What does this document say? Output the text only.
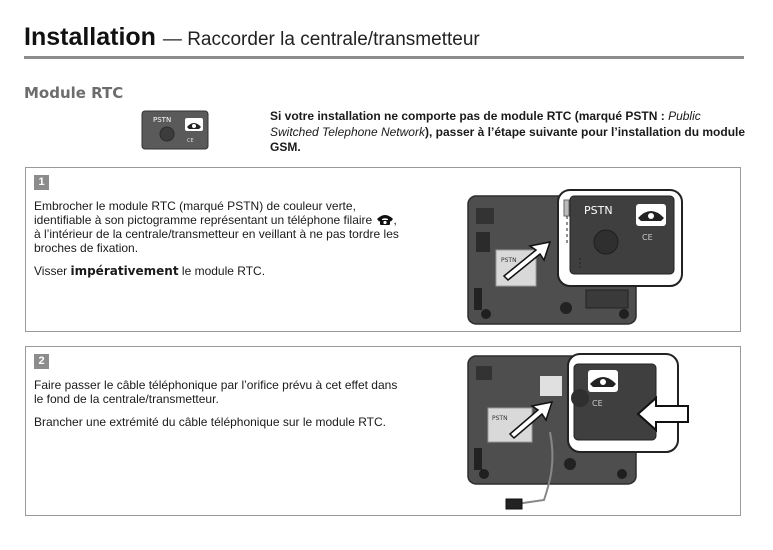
Installation — Raccorder la centrale/transmetteur
Module RTC
PSTN
CE

Si votre installation ne comporte pas de module RTC (marqué PSTN : Public Switched Telephone Network), passer à l’étape suivante pour l’installation du module GSM.

1

Embrocher le module RTC (marqué PSTN) de couleur verte, identifiable à son pictogramme représentant un téléphone filaire , à l’intérieur de la centrale/transmetteur en veillant à ne pas tordre les broches de fixation.

Visser impérativement le module RTC.

PSTN
PSTN
CE
2

Faire passer le câble téléphonique par l’orifice prévu à cet effet dans le fond de la centrale/transmetteur.

Brancher une extrémité du câble téléphonique sur le module RTC.	PSTN
CE
